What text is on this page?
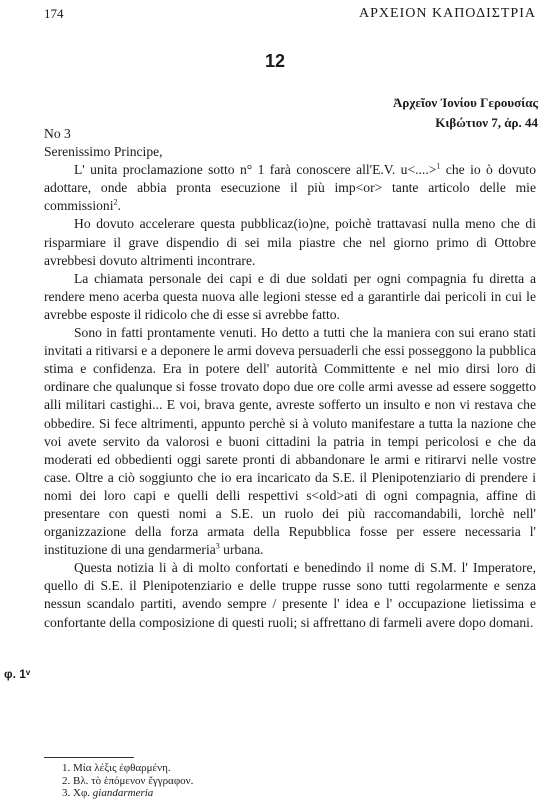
174	ΑΡΧΕΙΟΝ ΚΑΠΟΔΙΣΤΡΙΑ
12
Ἀρχεῖον Ἰονίου Γερουσίας
Κιβώτιον 7, ἀρ. 44

No 3

Serenissimo Principe,

L' unita proclamazione sotto n° 1 farà conoscere all'E.V. u<....>$^1$ che io ò dovuto adottare, onde abbia pronta esecuzione il più imp<or> tante articolo delle mie commissioni$^2$.

Ho dovuto accelerare questa pubblicaz(io)ne, poichè trattavasi nulla meno che di risparmiare il grave dispendio di sei mila piastre che nel giorno primo di Ottobre avrebbesi dovuto altrimenti incontrare.

La chiamata personale dei capi e di due soldati per ogni compagnia fu diretta a rendere meno acerba questa nuova alle legioni stesse ed a garantirle dai pericoli in cui le avrebbe esposte il ridicolo che di esse si avrebbe fatto.

Sono in fatti prontamente venuti. Ho detto a tutti che la maniera con sui erano stati invitati a ritivarsi e a deponere le armi doveva persuaderli che essi posseggono la pubblica stima e confidenza. Era in potere dell' autorità Committente e nel mio dirsi loro di ordinare che qualunque si fosse trovato dopo due ore colle armi avesse ad essere soggetto alli militari castighi... E voi, brava gente, avreste sofferto un insulto e non vi restava che obbedire. Si fece altrimenti, appunto perchè si à voluto manifestare a tutta la nazione che voi avete servito da valorosi e buoni cittadini la patria in tempi pericolosi e che da moderati ed obbedienti oggi sarete pronti di abbandonare le armi e ritirarvi nelle vostre case. Oltre a ciò soggiunto che io era incaricato da S.E. il Plenipotenziario di prendere i nomi dei loro capi e quelli delli respettivi s<old>ati di ogni compagnia, affine di presentare con questi nomi a S.E. un ruolo dei più raccomandabili, lorchè nell' organizzazione della forza armata della Repubblica fosse per essere necessaria l' instituzione di una gendarmeria$^3$ urbana.

Questa notizia li à di molto confortati e benedindo il nome di S.M. l' Imperatore, quello di S.E. il Plenipotenziario e delle truppe russe sono tutti regolarmente e senza nessun scandalo partiti, avendo sempre / presente l' idea e l' occupazione lietissima e confortante della composizione di questi ruoli; si affrettano di farmeli avere dopo domani.

φ. 1ᵛ
1. Μία λέξις ἐφθαρμένη.
2. Βλ. τὸ ἑπόμενον ἔγγραφον.
3. Χφ. giandarmeria
